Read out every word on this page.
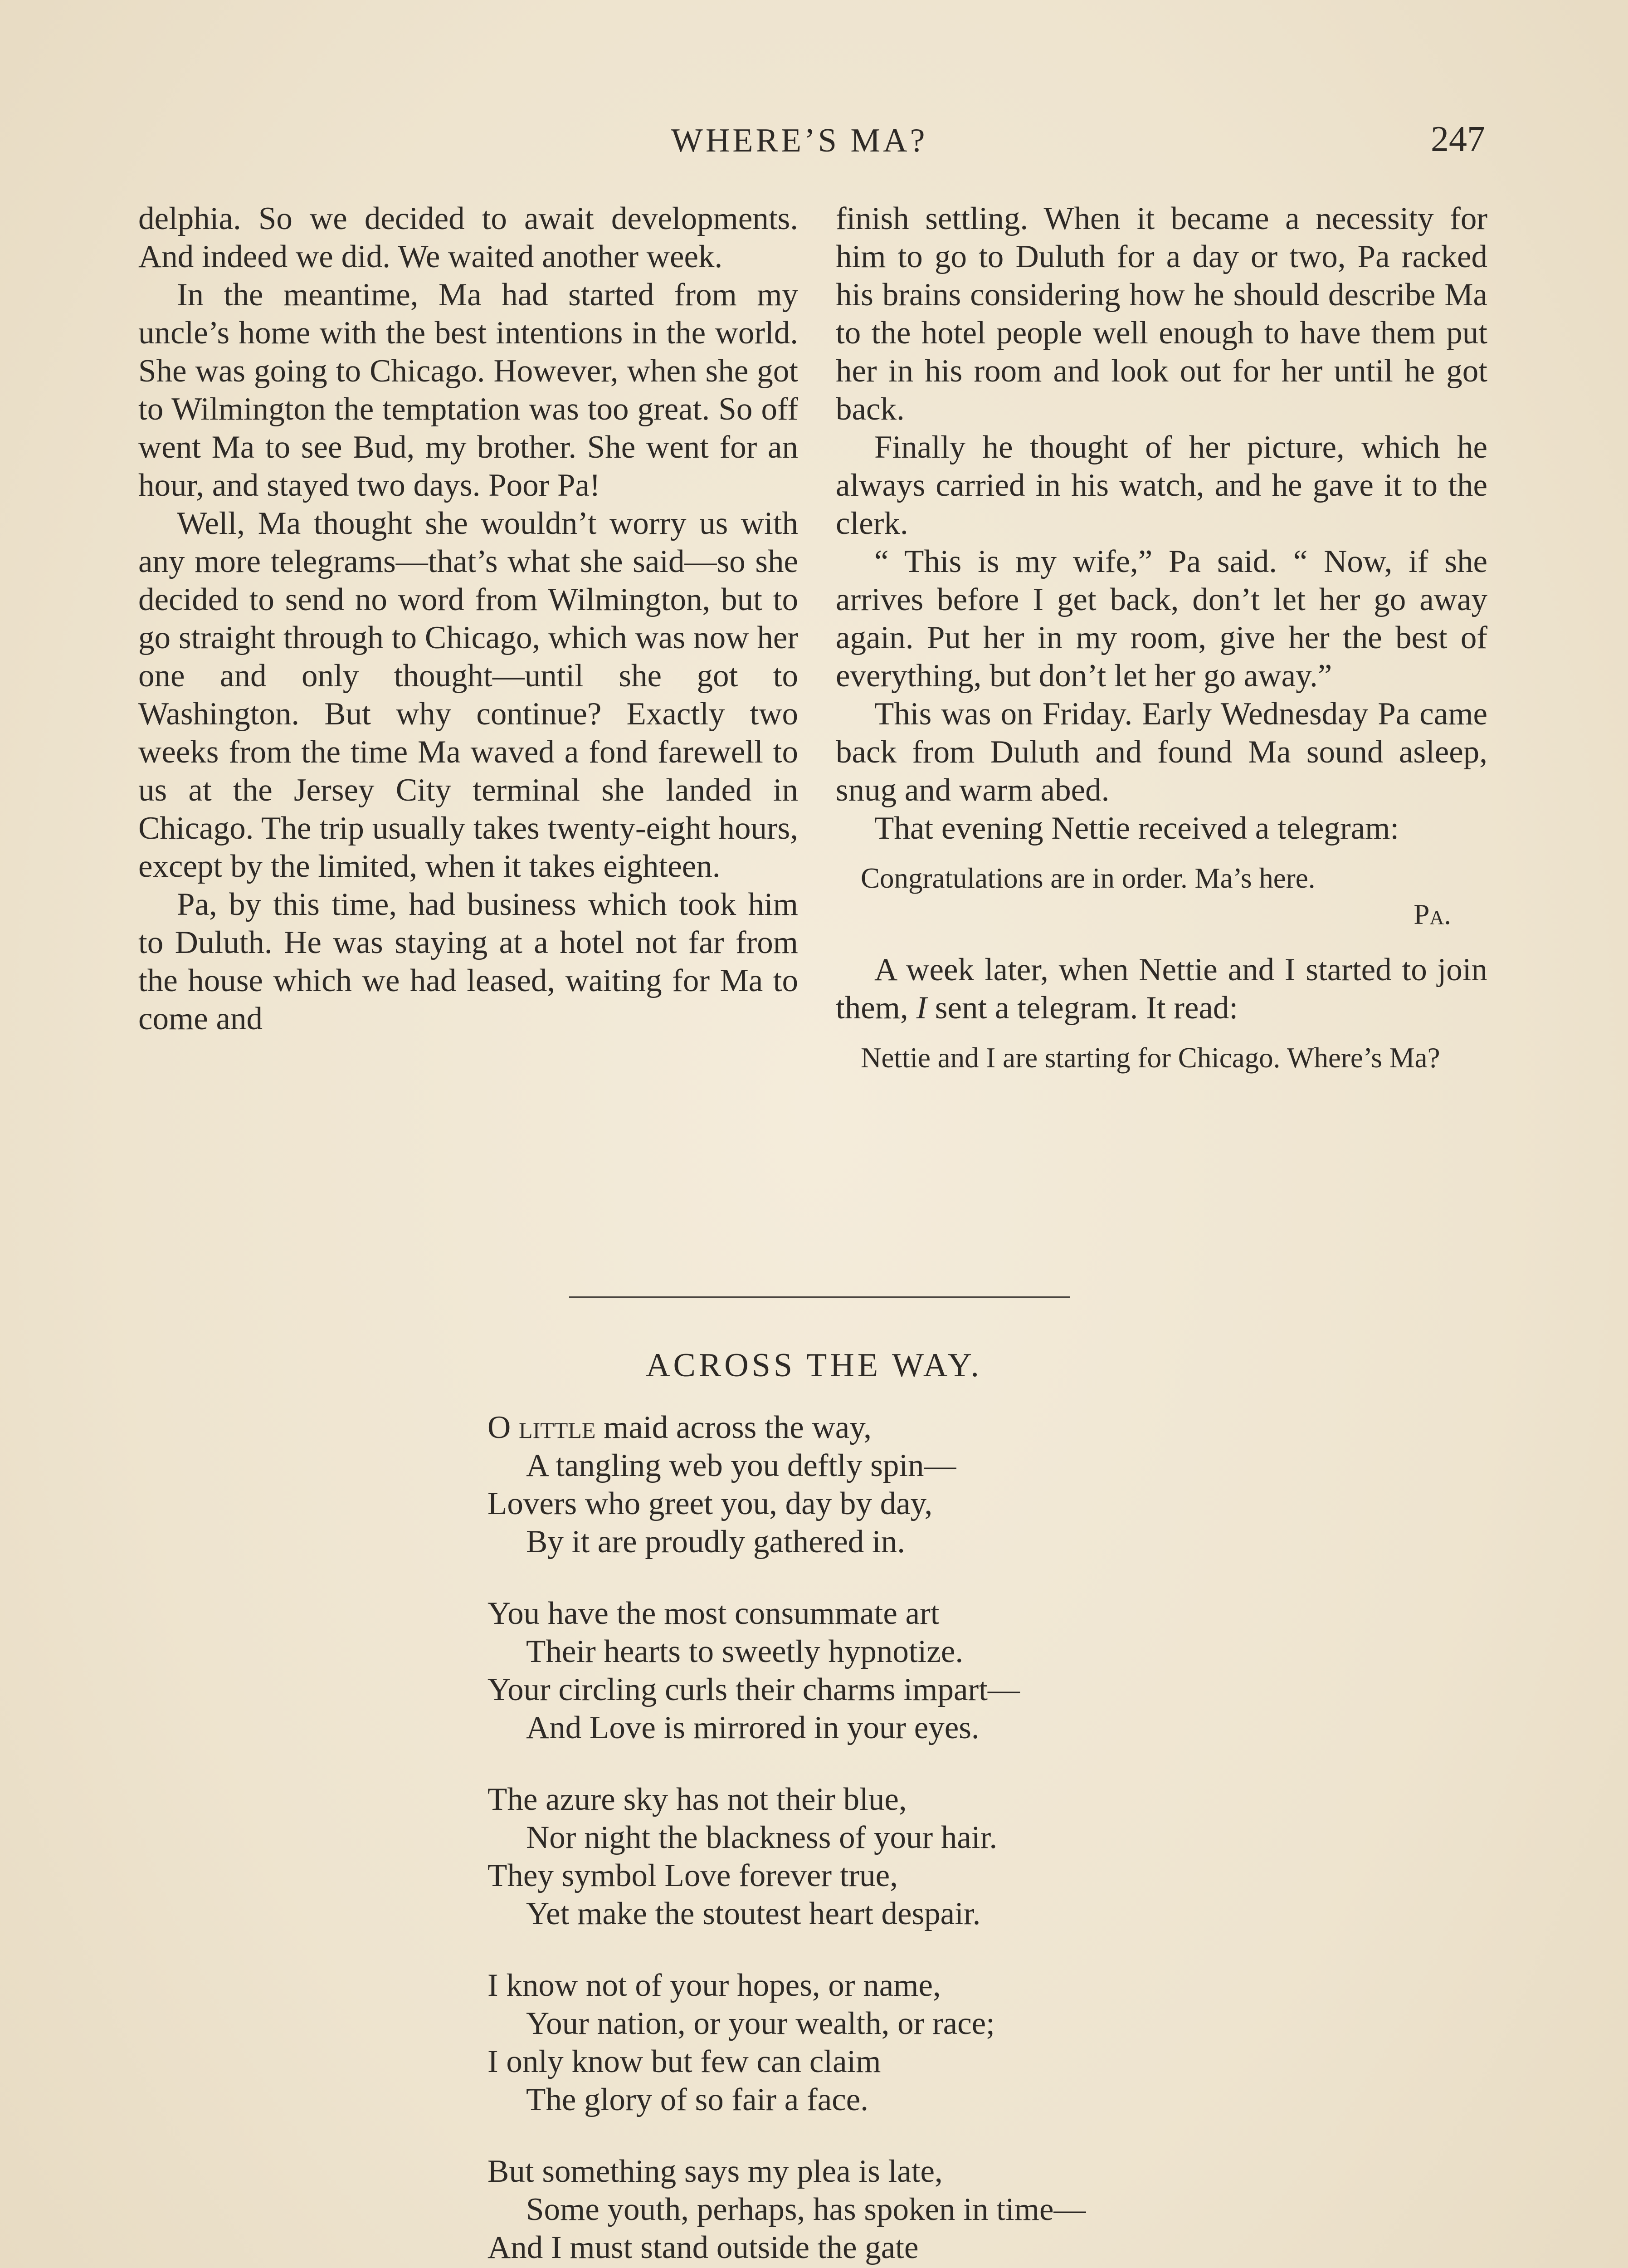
WHERE’S MA?	247

delphia. So we decided to await developments. And indeed we did. We waited another week.

In the meantime, Ma had started from my uncle’s home with the best intentions in the world. She was going to Chicago. However, when she got to Wilmington the temptation was too great. So off went Ma to see Bud, my brother. She went for an hour, and stayed two days. Poor Pa!

Well, Ma thought she wouldn’t worry us with any more telegrams—that’s what she said—so she decided to send no word from Wilmington, but to go straight through to Chicago, which was now her one and only thought—until she got to Washington. But why continue? Exactly two weeks from the time Ma waved a fond farewell to us at the Jersey City terminal she landed in Chicago. The trip usually takes twenty-eight hours, except by the limited, when it takes eighteen.

Pa, by this time, had business which took him to Duluth. He was staying at a hotel not far from the house which we had leased, waiting for Ma to come and

finish settling. When it became a necessity for him to go to Duluth for a day or two, Pa racked his brains considering how he should describe Ma to the hotel people well enough to have them put her in his room and look out for her until he got back.

Finally he thought of her picture, which he always carried in his watch, and he gave it to the clerk.

“ This is my wife,” Pa said. “ Now, if she arrives before I get back, don’t let her go away again. Put her in my room, give her the best of everything, but don’t let her go away.”

This was on Friday. Early Wednesday Pa came back from Duluth and found Ma sound asleep, snug and warm abed.

That evening Nettie received a telegram:

Congratulations are in order. Ma’s here.
Pa.

A week later, when Nettie and I started to join them, I sent a telegram. It read:

Nettie and I are starting for Chicago. Where’s Ma?
ACROSS THE WAY.
O little maid across the way,
A tangling web you deftly spin—
Lovers who greet you, day by day,
By it are proudly gathered in.
You have the most consummate art
Their hearts to sweetly hypnotize.
Your circling curls their charms impart—
And Love is mirrored in your eyes.
The azure sky has not their blue,
Nor night the blackness of your hair.
They symbol Love forever true,
Yet make the stoutest heart despair.
I know not of your hopes, or name,
Your nation, or your wealth, or race;
I only know but few can claim
The glory of so fair a face.
But something says my plea is late,
Some youth, perhaps, has spoken in time—
And I must stand outside the gate
